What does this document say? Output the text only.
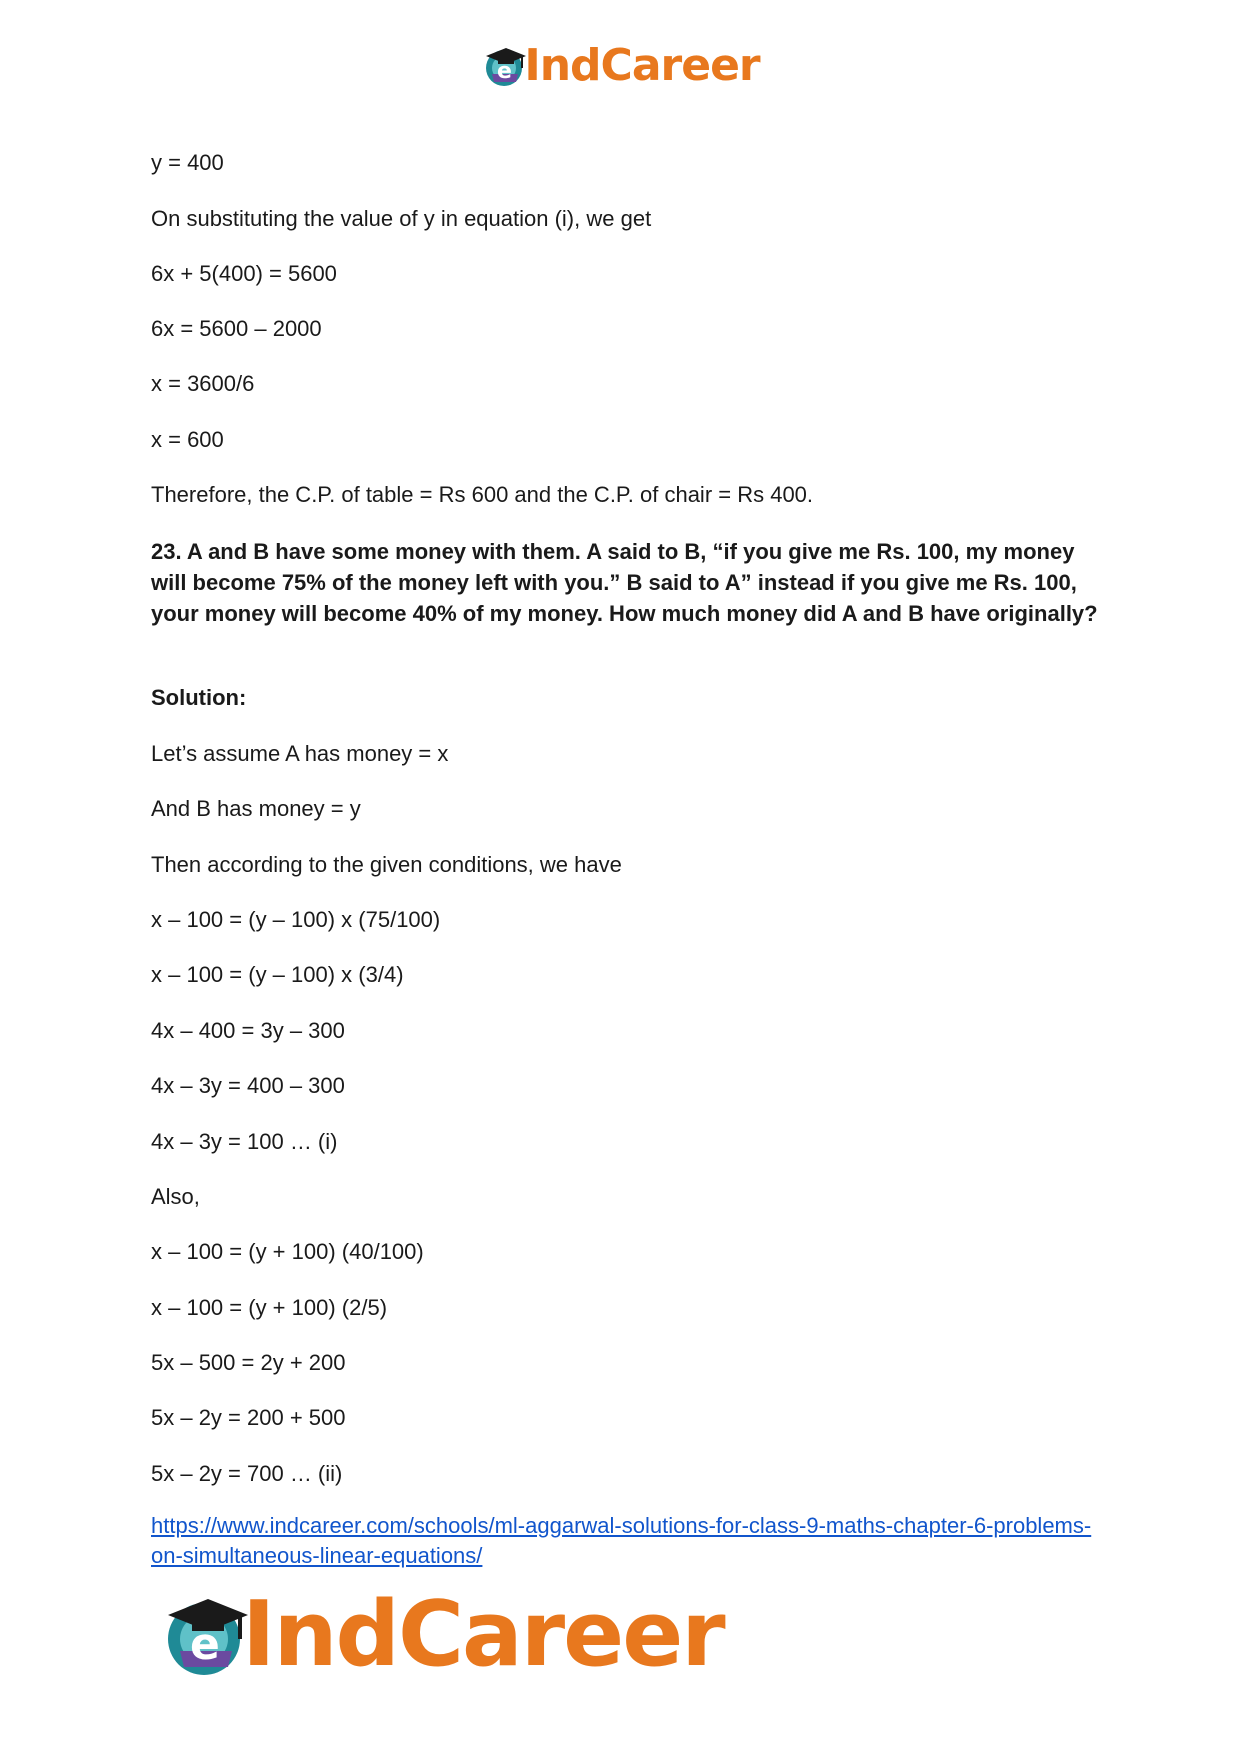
e IndCareer
y = 400
On substituting the value of y in equation (i), we get
6x + 5(400) = 5600
6x = 5600 – 2000
x = 3600/6
x = 600
Therefore, the C.P. of table = Rs 600 and the C.P. of chair = Rs 400.
23. A and B have some money with them. A said to B, “if you give me Rs. 100, my money will become 75% of the money left with you.” B said to A” instead if you give me Rs. 100, your money will become 40% of my money. How much money did A and B have originally?
Solution:
Let’s assume A has money = x
And B has money = y
Then according to the given conditions, we have
x – 100 = (y – 100) x (75/100)
x – 100 = (y – 100) x (3/4)
4x – 400 = 3y – 300
4x – 3y = 400 – 300
4x – 3y = 100 … (i)
Also,
x – 100 = (y + 100) (40/100)
x – 100 = (y + 100) (2/5)
5x – 500 = 2y + 200
5x – 2y = 200 + 500
5x – 2y = 700 … (ii)
https://www.indcareer.com/schools/ml-aggarwal-solutions-for-class-9-maths-chapter-6-problems-on-simultaneous-linear-equations/
e IndCareer
